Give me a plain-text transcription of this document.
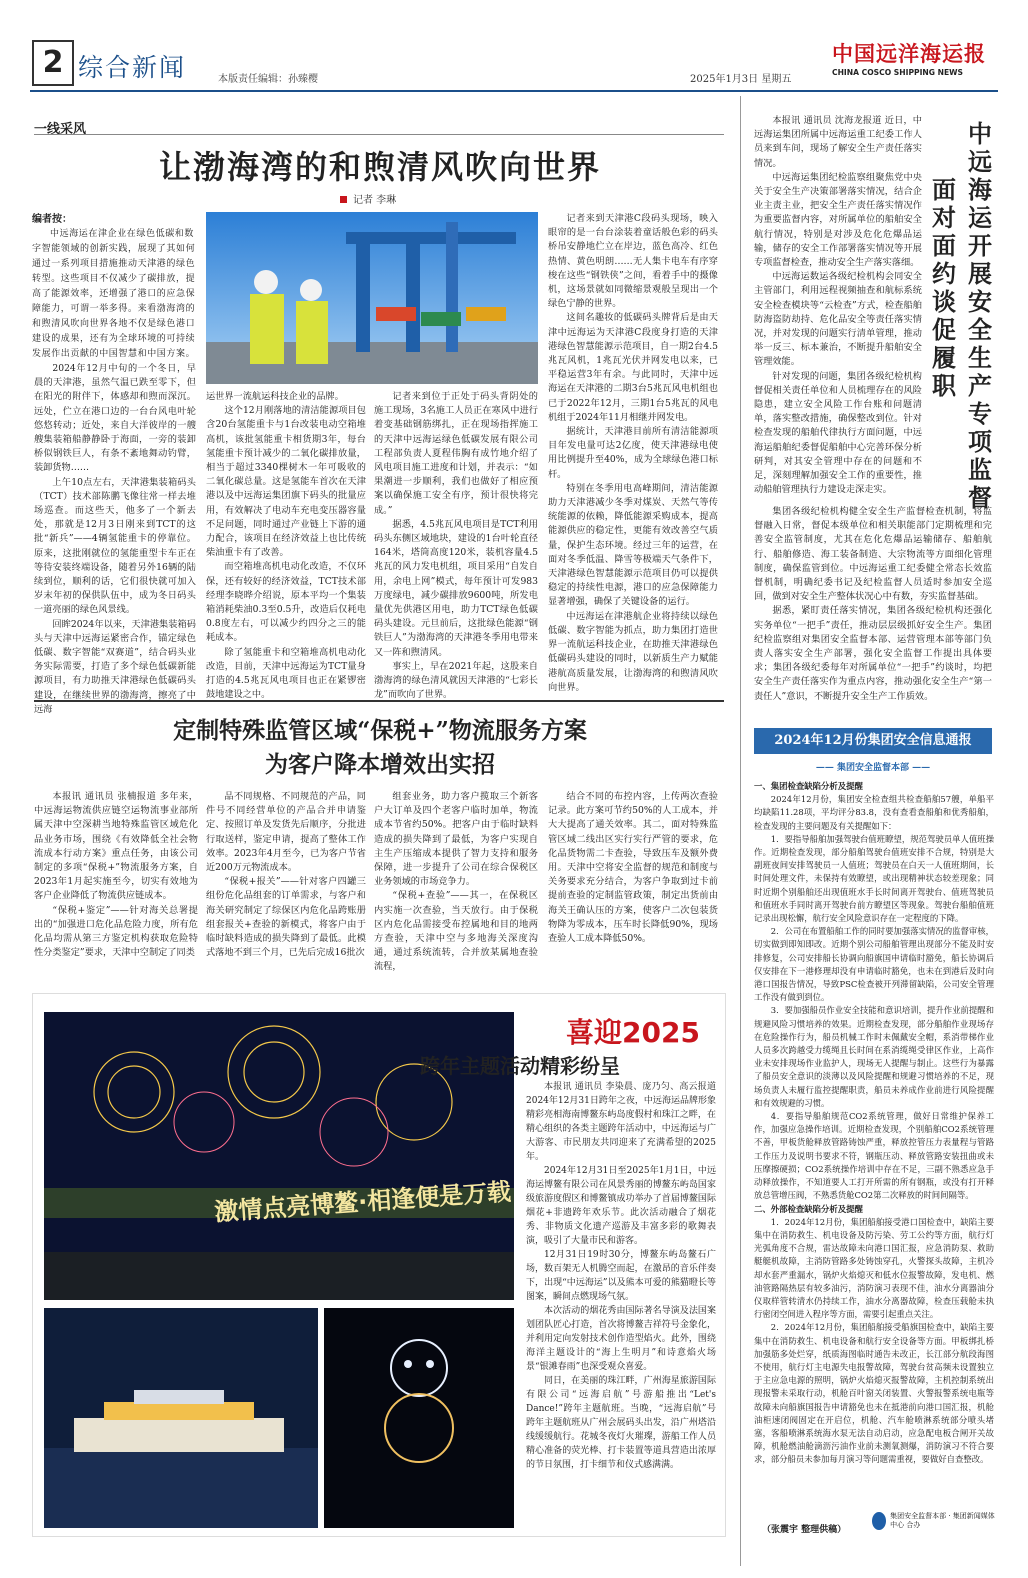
2 综合新闻	本版责任编辑：孙臻樱	2025年1月3日 星期五
中国远洋海运报
CHINA COSCO SHIPPING NEWS
一线采风
让渤海湾的和煦清风吹向世界
记者 李琳
编者按：
中远海运在津企业在绿色低碳和数字智能领域的创新实践，展现了其如何通过一系列项目措施推动天津港的绿色转型。这些项目不仅减少了碳排放，提高了能源效率，还增强了港口的应急保障能力，可谓一举多得。来看渤海湾的和煦清风吹向世界各地不仅是绿色港口建设的成果，还有为全球环境的可持续发展作出贡献的中国智慧和中国方案。

2024年12月中旬的一个冬日，早晨的天津港，虽然气温已跌至零下，但在阳光的附伴下，体感却和煦而深沉。远处，伫立在港口边的一台台风电叶轮悠悠转动；近处，来自大洋彼岸的一艘艘集装箱船静静卧于海面，一旁的装卸桥似钢铁巨人，有条不紊地舞动钓臂，装卸货物……

上午10点左右，天津港集装箱码头（TCT）技术部陈鹏飞像往常一样去堆场巡查。而这些天，他多了一个新去处，那就是12月3日刚来到TCT的这批“新兵”——4辆氢能重卡的停靠位。原来，这批刚就位的氢能重型卡车正在等待安装终端设备，随着另外16辆的陆续到位，顺利的话，它们很快就可加入岁末年初的保供队伍中，成为冬日码头一道亮丽的绿色风景线。

回眸2024年以来，天津港集装箱码头与天津中远海运紧密合作，锚定绿色低碳、数字智能“双赛道”，结合码头业务实际需要，打造了多个绿色低碳新能源项目，有力助推天津港绿色低碳码头建设，在继续世界的渤海湾，擦亮了中远海

运世界一流航运科技企业的品牌。

这个12月刚落地的清洁能源项目包含20台氢能重卡与1台改装电动空箱堆高机，该批氢能重卡相货期3年，每台氢能重卡预计减少的二氧化碳排放量，相当于超过3340棵树木一年可吸收的二氧化碳总量。这是氢能车首次在天津港以及中远海运集团旗下码头的批量应用，有效解决了电动车充电变压器容量不足问题，同时通过产业链上下游的通力配合，该项目在经济效益上也比传统柴油重卡有了改善。

而空箱堆高机电动化改造，不仅环保，还有较好的经济效益，TCT技术部经理李晓晔介绍说，原本平均一个集装箱消耗柴油0.3至0.5升，改造后仅耗电0.8度左右，可以减少约四分之三的能耗成本。

除了氢能重卡和空箱堆高机电动化改造，目前，天津中远海运为TCT量身打造的4.5兆瓦风电项目也正在紧锣密鼓地建设之中。

记者来到位于正处于码头背阴处的施工现场，3名施工人员正在寒风中进行着变基础钢筋绑扎，正在现场指挥施工的天津中远海运绿色低碳发展有限公司工程部负责人夏程伟胸有成竹地介绍了风电项目施工进度和计划，并表示：“如果潮进一步顺利，我们也做好了相应预案以确保施工安全有序，预计很快将完成。”

据悉，4.5兆瓦风电项目是TCT利用码头东侧区域地块，建设的1台叶轮直径164米，塔筒高度120米，装机容量4.5兆瓦的风力发电机组，项目采用“自发自用，余电上网”模式，每年预计可发983万度绿电，减少碳排放9600吨，所发电量优先供港区用电，助力TCT绿色低碳码头建设。元旦前后，这批绿色能源“钢铁巨人”为渤海湾的天津港冬季用电带来又一阵和煦清风。

事实上，早在2021年起，这股来自渤海湾的绿色清风就因天津港的“七彩长龙”而吹向了世界。

记者来到天津港C段码头现场，映入眼帘的是一台台涂装着童话般色彩的码头桥吊安静地伫立在岸边，蓝色高冷、红色热情、黄色明朗……无人集卡电车有序穿梭在这些“钢铁侠”之间，看着手中的摄像机，这场景就如同微缩景观般呈现出一个绿色宁静的世界。

这间名趣妆的低碳码头牌背后是由天津中远海运为天津港C段度身打造的天津港绿色智慧能源示范项目，自一期2台4.5兆瓦风机，1兆瓦光伏并网发电以来，已平稳运营3年有余。与此同时，天津中远海运在天津港的二期3台5兆瓦风电机组也已于2022年12月，三期1台5兆瓦的风电机组于2024年11月相继并网发电。

据统计，天津港目前所有清洁能源项目年发电量可达2亿度，使天津港绿电使用比例提升至40%，成为全球绿色港口标杆。

特别在冬季用电高峰期间，清洁能源助力天津港减少冬季对煤炭、天然气等传统能源的依赖，降低能源采购成本，提高能源供应的稳定性，更能有效改善空气质量，保护生态环境。经过三年的运营，在面对冬季低温、降雪等极端天气条件下，天津港绿色智慧能源示范项目仍可以提供稳定的持续性电源，港口的应急保障能力显著增强，确保了关键设备的运行。

中远海运在津港航企业将持续以绿色低碳、数字智能为抓点，助力集团打造世界一流航运科技企业，在助推天津港绿色低碳码头建设的同时，以新质生产力赋能港航高质量发展，让渤海湾的和煦清风吹向世界。

定制特殊监管区域“保税+”物流服务方案
为客户降本增效出实招

本报讯 通讯员 张楠报道 多年来，中远海运物流供应链空运物流事业部所属天津中空深耕当地特殊监管区域危化品业务市场，围绕《有效降低全社会物流成本行动方案》重点任务，由该公司制定的多项“保税+”物流服务方案，自2023年1月起实施至今，切实有效地为客户企业降低了物流供应链成本。

“保税+鉴定”——针对海关总署提出的“加强进口危化品危险力度，所有危化品均需从第三方鉴定机构获取危险特性分类鉴定”要求，天津中空制定了同类

品不同规格、不同规范的产品，同件号不同经营单位的产品合并申请鉴定、按照订单及发货先后顺序，分批进行取送样，鉴定申请，提高了整体工作效率。2023年4月至今，已为客户节省近200万元物流成本。

“保税+报关”——针对客户四罐三组份危化品组套的订单需求，与客户和海关研究制定了综保区内危化品跨账册组套报关+查验的新模式，将客户由于临时缺料造成的损失降到了最低。此模式落地不到三个月，已先后完成16批次

组套业务，助力客户揽取三个新客户大订单及四个老客户临时加单，物流成本节省约50%。把客户由于临时缺料造成的损失降到了最低，为客户实现自主生产压缩成本提供了智力支持和服务保障，进一步提升了公司在综合保税区业务领域的市场竞争力。

“保税+查验”——其一，在保税区内实施一次查验，当天放行。由于保税区内危化品需接受布控属地和目的地两方查验，天津中空与多地海关深度沟通，通过系统流转，合并放某属地查验流程，

结合不同的布控内容，上传两次查验记录。此方案可节约50%的人工成本，并大大提高了通关效率。其二，面对特殊监管区域二线出区实行实行严管的要求，危化品货物需二卡查验，导致压车及额外费用。天津中空将安全监督的规范和制度与关务要求充分结合，为客户争取到过卡前提前查验的定制监管政策，制定出货前由海关王确认压的方案，使客户二次包装货物降为零成本，压车时长降低90%，现场查验人工成本降低50%。

激情点亮博鳌·相逢便是万载
喜迎2025
跨年主题活动精彩纷呈

本报讯 通讯员 李染晨、庞乃匀、高云报道 2024年12月31日跨年之夜，中远海运品牌形象精彩亮相海南博鳌东屿岛度假村和珠江之畔，在精心组织的各类主题跨年活动中，中远海运与广大游客、市民朋友共同迎来了充满希望的2025年。

2024年12月31日至2025年1月1日，中远海运博鳌有限公司在风景秀丽的博鳌东屿岛国家级旅游度假区和博鳌镇成功举办了首届博鳌国际烟花+非遗跨年欢乐节。此次活动融合了烟花秀、非物质文化遗产巡游及丰富多彩的歌舞表演，吸引了大量市民和游客。

12月31日19时30分，博鳌东屿岛鳌石广场，数百架无人机腾空而起，在激昂的音乐伴奏下，出现“中远海运”以及熊本可爱的熊猫瞪长等图案，瞬间点燃现场气氛。

本次活动的烟花秀由国际著名导演及法国案划团队匠心打造，首次将博鳌吉祥符号金象化，并利用定向发射技术创作造型焰火。此外，围绕海洋主题设计的“海上生明月”和诗意焰火场景“银滩春雨”也深受观众喜爱。

同日，在美丽的珠江畔，广州海星旅游国际有限公司“远海启航”号游船推出“Let's Dance!”跨年主题航班。当晚，“远海启航”号跨年主题航班从广州会展码头出发，沿广州塔沿线缓缓航行。花城冬夜灯火璀璨，游船工作人员精心准备的荧光棒、打卡装置等道具营造出浓厚的节日氛围，打卡细节和仪式感满满。

本报讯 通讯员 沈海龙报道 近日，中远海运集团所属中远海运重工纪委工作人员来到车间，现场了解安全生产责任落实情况。

中远海运集团纪检监察组聚焦党中央关于安全生产决策部署落实情况，结合企业主责主业，把安全生产责任落实情况作为重要监督内容，对所属单位的船舶安全航行情况，特别是对涉及危化危爆品运输，储存的安全工作部署落实情况等开展专项监督检查，推动安全生产落实落细。

中远海运数运各级纪检机构会同安全主管部门，利用远程视频抽查和航标系统安全检查模块等“云检查”方式，检查船舶防海盗防劫持、危化品安全等责任落实情况，并对发现的问题实行清单管理，推动举一反三、标本兼治，不断提升船舶安全管理效能。

针对发现的问题，集团各级纪检机构督促相关责任单位和人员梳理存在的风险隐患，建立安全风险工作台账和问题清单，落实整改措施，确保整改到位。针对检查发现的船舶代律执行方面问题，中远海运船舶纪委督促船舶中心完善环保分析研判，对其安全管理中存在的问题和不足，深刻理解加强安全工作的重要性，推动船舶管理执行力建设走深走实。

集团各级纪检机构健全安全生产监督检查机制，将监督融入日常，督促本级单位和相关职能部门定期梳理和完善安全监管制度，尤其在危化危爆品运输储存、船舶航行、船舶修造、海工装备制造、大宗物流等方面细化管理制度，确保监管到位。中远海运重工纪委健全常态长效监督机制，明确纪委书记及纪检监督人员适时参加安全巡回，做到对安全生产整体状况心中有数，夯实监督基础。

据悉，紧盯责任落实情况，集团各级纪检机构还强化实务单位“一把手”责任，推动层层级抓好安全生产。集团纪检监察组对集团安全监督本部、运营管理本部等部门负责人落实安全生产部署，强化安全监督工作提出具体要求；集团各级纪委每年对所属单位“一把手”约谈时，均把安全生产责任落实作为重点内容，推动强化安全生产“第一责任人”意识，不断提升安全生产工作质效。

中远海运开展安全生产专项监督
面对面约谈促履职
2024年12月份集团安全信息通报
—— 集团安全监督本部 ——

一、集团检查缺陷分析及提醒

2024年12月份，集团安全检查组共检查船舶57艘，单船平均缺陷11.28项，平均评分83.8，没有查看查船舶和优秀船舶，检查发现的主要问题及有关提醒如下：

1．要指导船舶加强驾驶台值班瞭望，规范驾驶员单人值班操作。近期检查发现，部分船舶驾驶台值班安排不合规，特别是大副班夜间安排驾驶员一人值班；驾驶员在白天一人值班期间，长时间处理文件，未保持有效瞭望，或出现精神状态较差现象；同时近期个别船舶还出现值班水手长时间离开驾驶台、值班驾驶员和值班水手同时离开驾驶台前方瞭望区等现象。驾驶台船舶值班记录出现松懈，航行安全风险意识存在一定程度的下降。

2．公司在布置船舶工作的同时要加强落实情况的监督审核，切实做到即知即改。近期个别公司船舶管理出现部分不能及时安排修复，公司安排船长协调向船旗国申请临时豁免，船长协调后仅安排在下一港修理却没有申请临时豁免，也未在到港后及时向港口国报告情况，导致PSC检查被开列滞留缺陷，公司安全管理工作没有做到到位。

3．要加强船员作业安全技能和意识培训，提升作业前提醒和规避风险习惯培养的效果。近期检查发现，部分船舶作业现场存在危险操作行为，船员机械工作时未佩戴安全帽，系消带梯作业人员多次跨越受力缆绳且长时间在系消缆绳受律区作业，上高作业未安排现场作业监护人，现场无人提醒与制止。这些行为暴露了船员安全意识的淡薄以及风险提醒和规避习惯培养的不足，现场负责人未履行监控提醒职责，船员未养成作业前进行风险提醒和有效规避的习惯。

4．要指导船舶规范CO2系统管理，做好日常维护保养工作，加强应急操作培训。近期检查发现，个别船舶CO2系统管理不善，甲板货舱释放管路铸蚀严重，释放控管压力表量程与管路工作压力及说明书要求不符，钢瓶压动、释放管路安装扭曲或未压摩擦硬损；CO2系统操作培训中存在不足，三副不熟悉应急手动释放操作，不知道要人工打开所需的所有钢瓶，或没有打开释放总管增压阀，不熟悉货舱CO2第二次释放的时间间隔等。

二、外部检查缺陷分析及提醒

1．2024年12月份，集团船舶接受港口国检查中，缺陷主要集中在消防救生、机电设备及防污染、劳工公约等方面，航行灯光弧角度不合规，雷达故障未向港口国汇报，应急消防泵、救助艇艇机故障，主消防管路多处铸蚀穿孔，火警探头故障，主机冷却水套严重漏水，锅炉火焰熄灭和低水位报警故障，发电机、燃油管路隔热层有较多油污，消防演习表现不佳，油水分离器油分仪取样管转清水仍持续工作，油水分离器故障，检查压载舱未执行密闭空间进入程序等方面，需要引起重点关注。

2．2024年12月份，集团船舶接受船旗国检查中，缺陷主要集中在消防救生、机电设备和航行安全设备等方面。甲板绑扎桥加强筋多处烂穿，纸质海图临时通告未改正，长江部分航段海图不使用，航行灯主电源失电报警故障，驾驶台贫高频未设置独立于主应急电源的照明，锅炉火焰熄灭报警故障，主机控制系统出现报警未采取行动，机舱百叶窗关闭装置、火警报警系统电瓶等故障未向船旗国报告申请豁免也未在抵港前向港口国汇报，机舱油柜速闭阀固定在开启位，机舱、汽车舱喷淋系统部分喷头堵塞，客船喷淋系统海水泵无法自动启动，应急配电板合闸开关故障，机舱燃油舱滴沥污油作业前未测氧测爆，消防演习不符合要求，部分船员未参加每月演习等问题需重视，要做好自查整改。

（张震宇 整理供稿）
集团安全监督本部 · 集团新闻媒体中心 合办
